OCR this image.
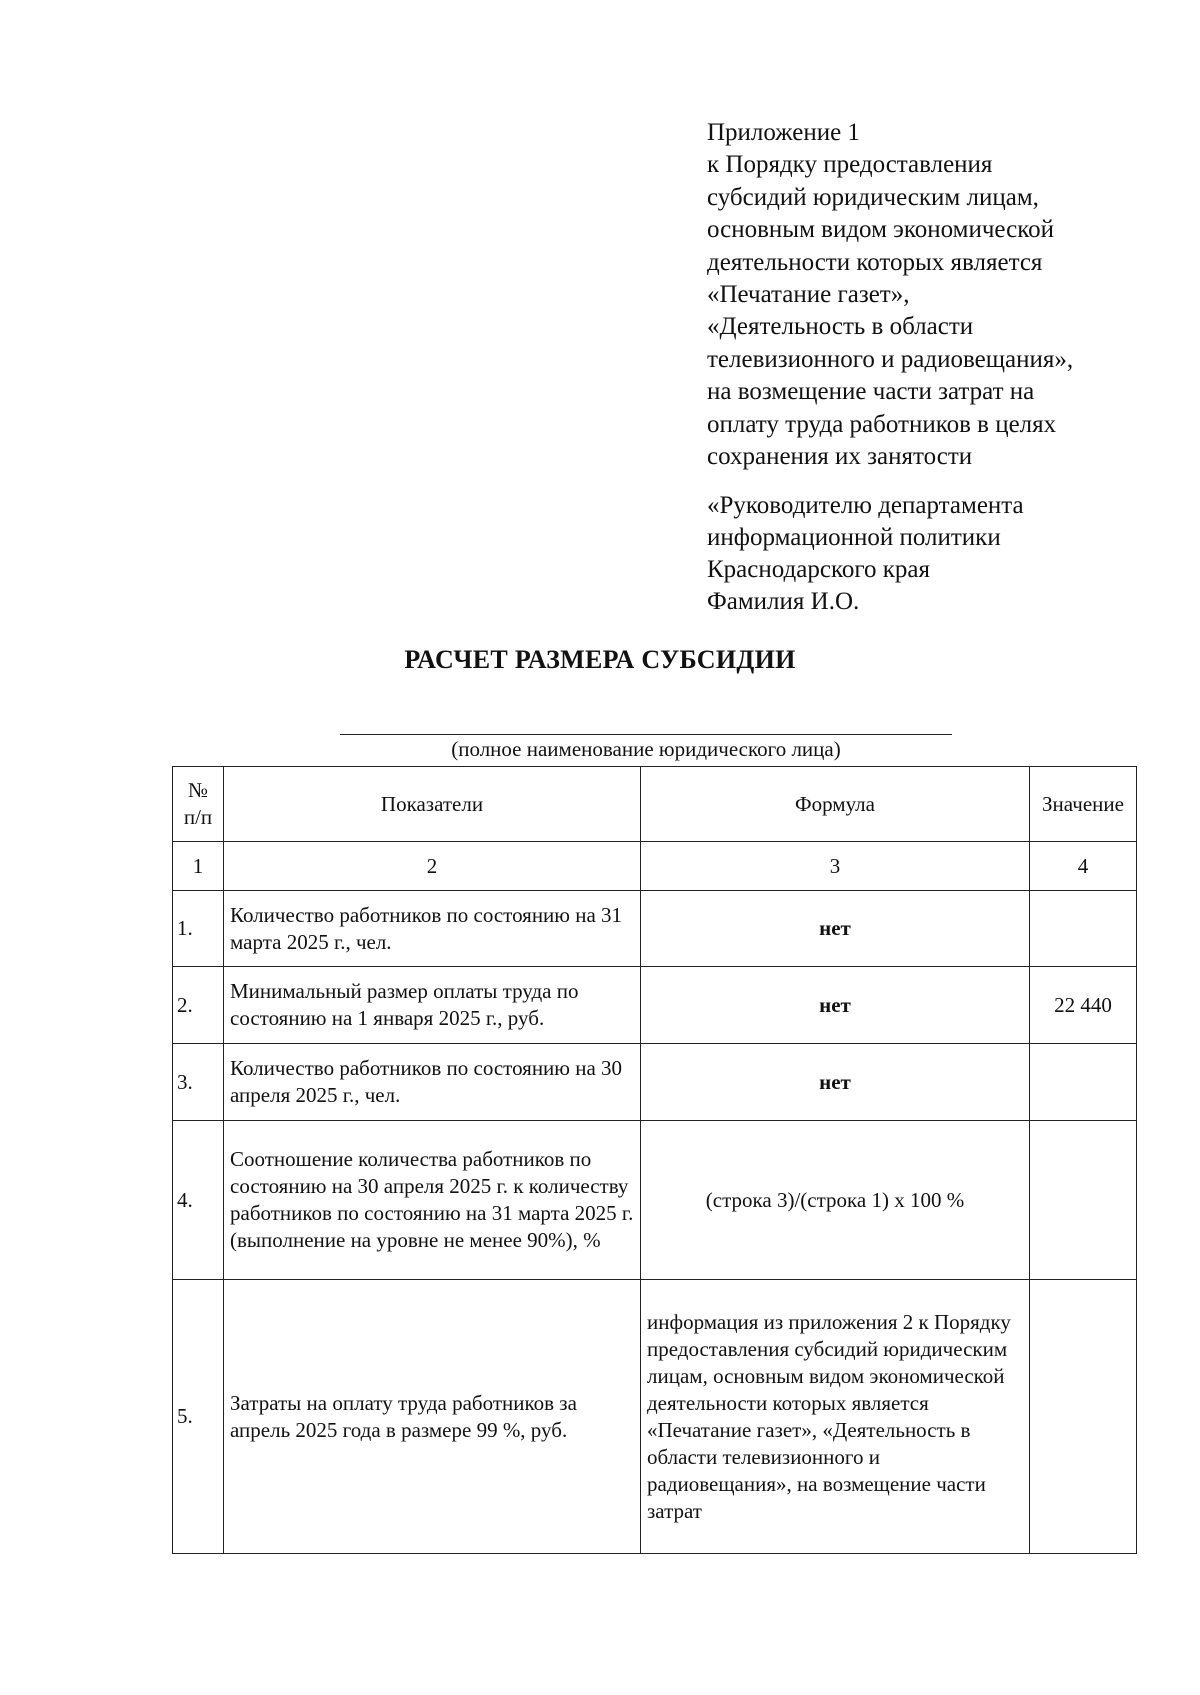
Приложение 1
к Порядку предоставления
субсидий юридическим лицам,
основным видом экономической
деятельности которых является
«Печатание газет»,
«Деятельность в области
телевизионного и радиовещания»,
на возмещение части затрат на
оплату труда работников в целях
сохранения их занятости
«Руководителю департамента
информационной политики
Краснодарского края
Фамилия И.О.
РАСЧЕТ РАЗМЕРА СУБСИДИИ
(полное наименование юридического лица)
№ п/п	Показатели	Формула	Значение
1	2	3	4
1.	Количество работников по состоянию на 31 марта 2025 г., чел.	нет	
2.	Минимальный размер оплаты труда по состоянию на 1 января 2025 г., руб.	нет	22 440
3.	Количество работников по состоянию на 30 апреля 2025 г., чел.	нет	
4.	Соотношение количества работников по состоянию на 30 апреля 2025 г. к количеству работников по состоянию на 31 марта 2025 г. (выполнение на уровне не менее 90%), %	(строка 3)/(строка 1) х 100 %	
5.	Затраты на оплату труда работников за апрель 2025 года в размере 99 %, руб.	информация из приложения 2 к Порядку предоставления субсидий юридическим лицам, основным видом экономической деятельности которых является «Печатание газет», «Деятельность в области телевизионного и радиовещания», на возмещение части затрат	
